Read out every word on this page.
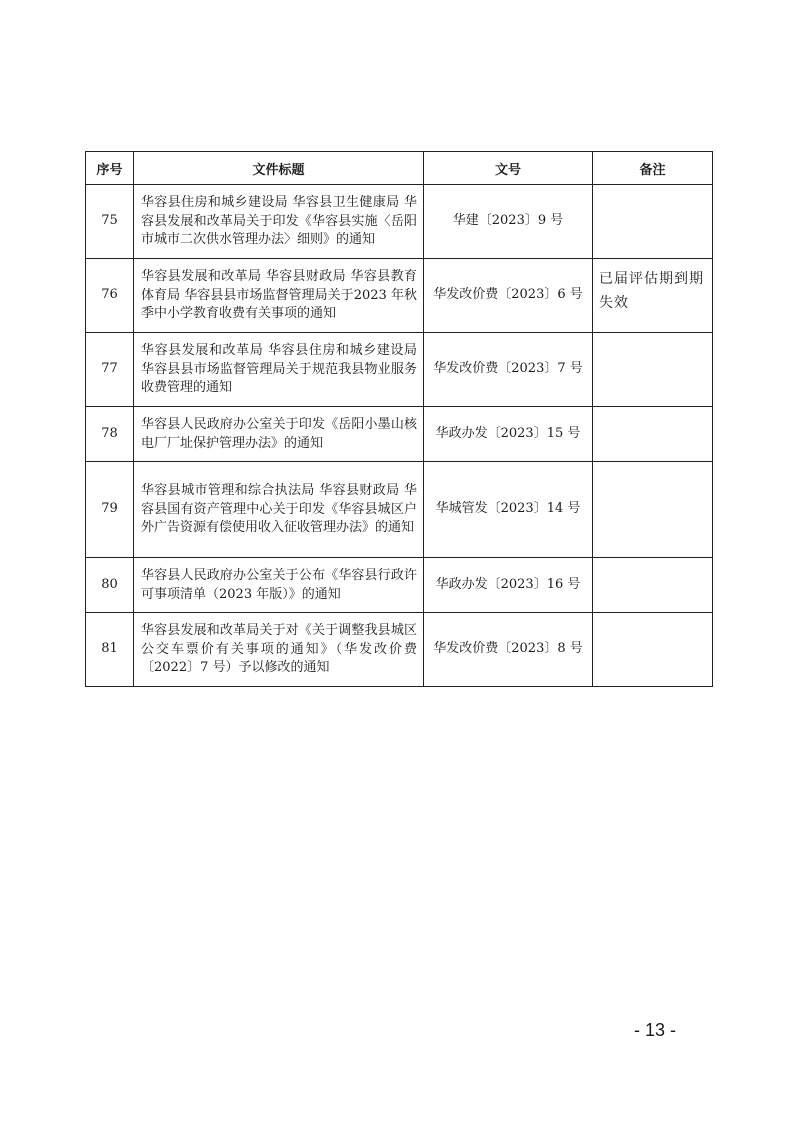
序号	文件标题	文号	备注
75	华容县住房和城乡建设局 华容县卫生健康局 华容县发展和改革局关于印发《华容县实施〈岳阳市城市二次供水管理办法〉细则》的通知	华建〔2023〕9 号	

76	华容县发展和改革局 华容县财政局 华容县教育体育局 华容县县市场监督管理局关于2023 年秋季中小学教育收费有关事项的通知	华发改价费〔2023〕6 号	已届评估期到期失效

77	华容县发展和改革局 华容县住房和城乡建设局 华容县县市场监督管理局关于规范我县物业服务收费管理的通知	华发改价费〔2023〕7 号	

78	华容县人民政府办公室关于印发《岳阳小墨山核电厂厂址保护管理办法》的通知	华政办发〔2023〕15 号	

79	华容县城市管理和综合执法局 华容县财政局 华容县国有资产管理中心关于印发《华容县城区户外广告资源有偿使用收入征收管理办法》的通知	华城管发〔2023〕14 号	

80	华容县人民政府办公室关于公布《华容县行政许可事项清单（2023 年版）》的通知	华政办发〔2023〕16 号	

81	华容县发展和改革局关于对《关于调整我县城区公交车票价有关事项的通知》（华发改价费〔2022〕7 号）予以修改的通知	华发改价费〔2023〕8 号	
- 13 -
